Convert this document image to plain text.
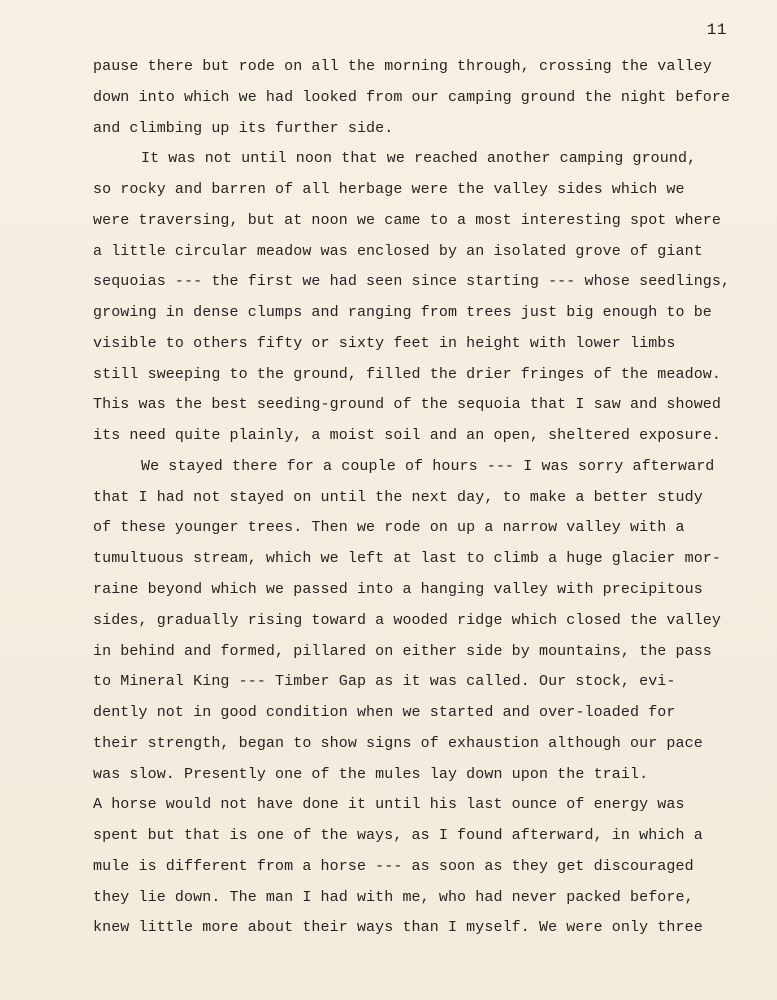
11
pause there but rode on all the morning through, crossing the valley
down into which we had looked from our camping ground the night before
and climbing up its further side.
It was not until noon that we reached another camping ground,
so rocky and barren of all herbage were the valley sides which we
were traversing, but at noon we came to a most interesting spot where
a little circular meadow was enclosed by an isolated grove of giant
sequoias --- the first we had seen since starting --- whose seedlings,
growing in dense clumps and ranging from trees just big enough to be
visible to others fifty or sixty feet in height with lower limbs
still sweeping to the ground, filled the drier fringes of the meadow.
This was the best seeding-ground of the sequoia that I saw and showed
its need quite plainly, a moist soil and an open, sheltered exposure.
We stayed there for a couple of hours --- I was sorry afterward
that I had not stayed on until the next day, to make a better study
of these younger trees. Then we rode on up a narrow valley with a
tumultuous stream, which we left at last to climb a huge glacier mor-
raine beyond which we passed into a hanging valley with precipitous
sides, gradually rising toward a wooded ridge which closed the valley
in behind and formed, pillared on either side by mountains, the pass
to Mineral King --- Timber Gap as it was called. Our stock, evi-
dently not in good condition when we started and over-loaded for
their strength, began to show signs of exhaustion although our pace
was slow. Presently one of the mules lay down upon the trail.
A horse would not have done it until his last ounce of energy was
spent but that is one of the ways, as I found afterward, in which a
mule is different from a horse --- as soon as they get discouraged
they lie down. The man I had with me, who had never packed before,
knew little more about their ways than I myself. We were only three
